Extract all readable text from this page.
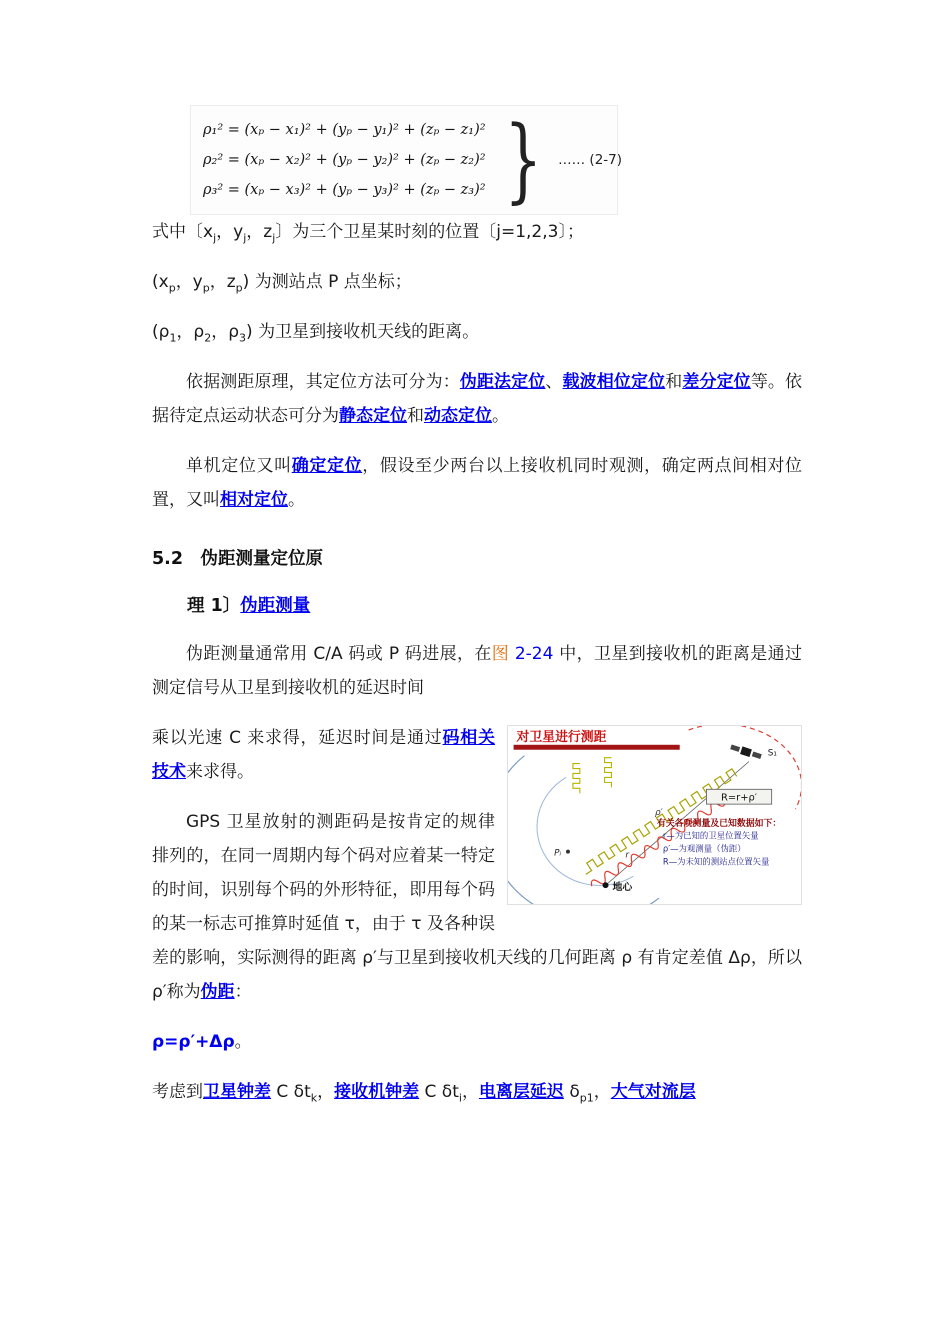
ρ₁² = (xₚ − x₁)² + (yₚ − y₁)² + (zₚ − z₁)²
ρ₂² = (xₚ − x₂)² + (yₚ − y₂)² + (zₚ − z₂)²
ρ₃² = (xₚ − x₃)² + (yₚ − y₃)² + (zₚ − z₃)² } …… (2-7)

式中〔$x_j$，$y_j$，$z_j$〕为三个卫星某时刻的位置〔j=1,2,3〕；

($x_p$，$y_p$，$z_p$) 为测站点 P 点坐标；

($\rho_1$，$\rho_2$，$\rho_3$) 为卫星到接收机天线的距离。

依据测距原理，其定位方法可分为：伪距法定位、载波相位定位和差分定位等。依据待定点运动状态可分为静态定位和动态定位。

单机定位又叫确定定位，假设至少两台以上接收机同时观测，确定两点间相对位置，又叫相对定位。

5.2　伪距测量定位原
理 1〕伪距测量

伪距测量通常用 C/A 码或 P 码进展，在图 2-24 中，卫星到接收机的距离是通过测定信号从卫星到接收机的延迟时间

对卫星进行测距
S₁
R=r+ρ′
有关各观测量及已知数据如下：
r—为已知的卫星位置矢量
ρ′—为观测量（伪距）
R—为未知的测站点位置矢量
ρ′
r
Pᵢ
地心

乘以光速 C 来求得，延迟时间是通过码相关技术来求得。

GPS 卫星放射的测距码是按肯定的规律排列的，在同一周期内每个码对应着某一特定的时间，识别每个码的外形特征，即用每个码的某一标志可推算时延值 τ，由于 τ 及各种误差的影响，实际测得的距离 ρ′与卫星到接收机天线的几何距离 ρ 有肯定差值 Δρ，所以 ρ′称为伪距：

ρ=ρ′+Δρ。

考虑到卫星钟差 C $\delta t_k$，接收机钟差 C $\delta t_i$，电离层延迟 $\delta_{p1}$，大气对流层
